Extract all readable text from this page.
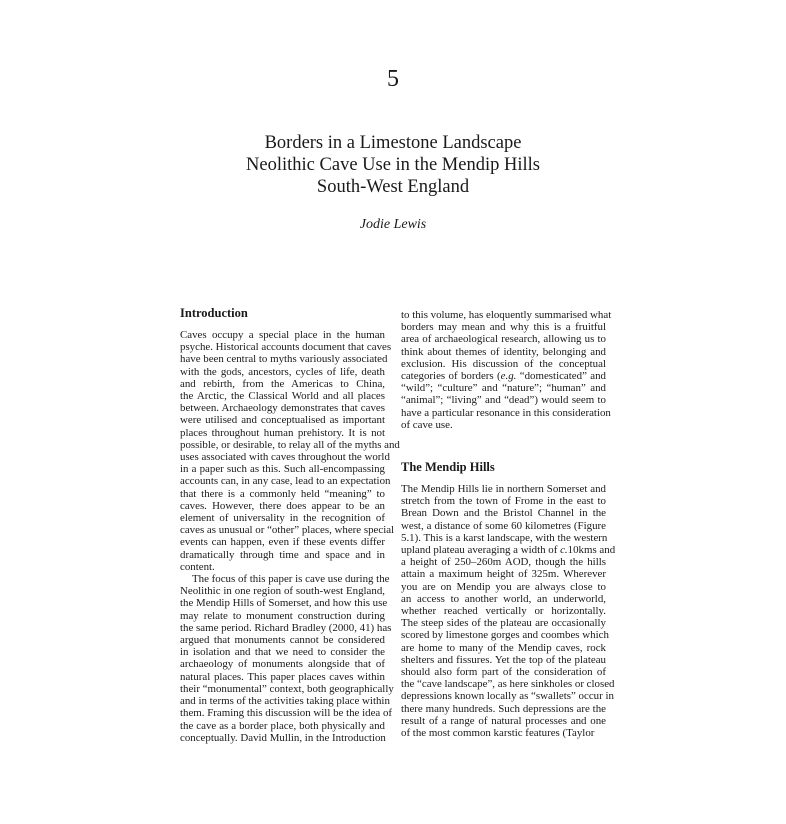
5
Borders in a Limestone Landscape
Neolithic Cave Use in the Mendip Hills
South-West England
Jodie Lewis
Introduction

Caves occupy a special place in the human
psyche. Historical accounts document that caves
have been central to myths variously associated
with the gods, ancestors, cycles of life, death
and rebirth, from the Americas to China,
the Arctic, the Classical World and all places
between. Archaeology demonstrates that caves
were utilised and conceptualised as important
places throughout human prehistory. It is not
possible, or desirable, to relay all of the myths and
uses associated with caves throughout the world
in a paper such as this. Such all-encompassing
accounts can, in any case, lead to an expectation
that there is a commonly held “meaning” to
caves. However, there does appear to be an
element of universality in the recognition of
caves as unusual or “other” places, where special
events can happen, even if these events differ
dramatically through time and space and in
content.

The focus of this paper is cave use during the
Neolithic in one region of south-west England,
the Mendip Hills of Somerset, and how this use
may relate to monument construction during
the same period. Richard Bradley (2000, 41) has
argued that monuments cannot be considered
in isolation and that we need to consider the
archaeology of monuments alongside that of
natural places. This paper places caves within
their “monumental” context, both geographically
and in terms of the activities taking place within
them. Framing this discussion will be the idea of
the cave as a border place, both physically and
conceptually. David Mullin, in the Introduction

to this volume, has eloquently summarised what
borders may mean and why this is a fruitful
area of archaeological research, allowing us to
think about themes of identity, belonging and
exclusion. His discussion of the conceptual
categories of borders (e.g. “domesticated” and
“wild”; “culture” and “nature”; “human” and
“animal”; “living” and “dead”) would seem to
have a particular resonance in this consideration
of cave use.

The Mendip Hills

The Mendip Hills lie in northern Somerset and
stretch from the town of Frome in the east to
Brean Down and the Bristol Channel in the
west, a distance of some 60 kilometres (Figure
5.1). This is a karst landscape, with the western
upland plateau averaging a width of c.10kms and
a height of 250–260m AOD, though the hills
attain a maximum height of 325m. Wherever
you are on Mendip you are always close to
an access to another world, an underworld,
whether reached vertically or horizontally.
The steep sides of the plateau are occasionally
scored by limestone gorges and coombes which
are home to many of the Mendip caves, rock
shelters and fissures. Yet the top of the plateau
should also form part of the consideration of
the “cave landscape”, as here sinkholes or closed
depressions known locally as “swallets” occur in
there many hundreds. Such depressions are the
result of a range of natural processes and one
of the most common karstic features (Taylor
